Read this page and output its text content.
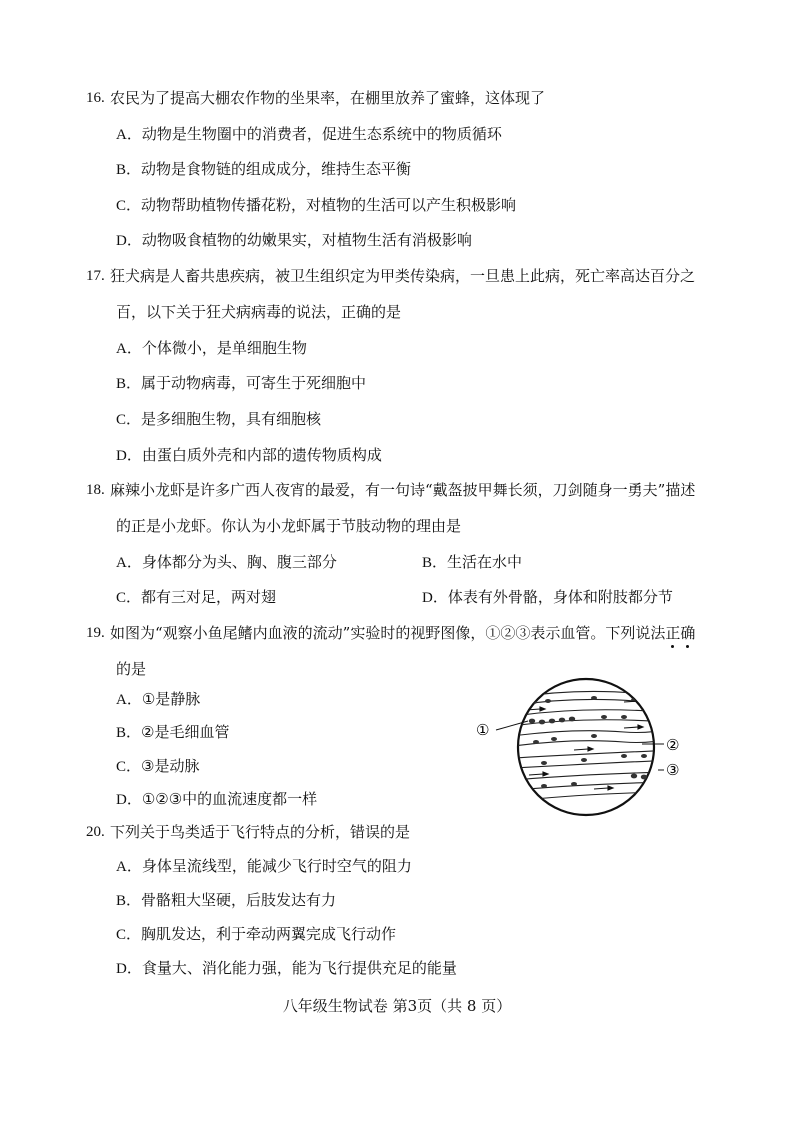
16. 农民为了提高大棚农作物的坐果率，在棚里放养了蜜蜂，这体现了
A．动物是生物圈中的消费者，促进生态系统中的物质循环
B．动物是食物链的组成成分，维持生态平衡
C．动物帮助植物传播花粉，对植物的生活可以产生积极影响
D．动物吸食植物的幼嫩果实，对植物生活有消极影响
17. 狂犬病是人畜共患疾病，被卫生组织定为甲类传染病，一旦患上此病，死亡率高达百分之
百，以下关于狂犬病病毒的说法，正确的是
A．个体微小，是单细胞生物
B．属于动物病毒，可寄生于死细胞中
C．是多细胞生物，具有细胞核
D．由蛋白质外壳和内部的遗传物质构成
18. 麻辣小龙虾是许多广西人夜宵的最爱，有一句诗“戴盔披甲舞长须，刀剑随身一勇夫”描述
的正是小龙虾。你认为小龙虾属于节肢动物的理由是
A．身体都分为头、胸、腹三部分	B．生活在水中
C．都有三对足，两对翅	D．体表有外骨骼，身体和附肢都分节
19. 如图为“观察小鱼尾鳍内血液的流动”实验时的视野图像，①②③表示血管。下列说法正确
的是
A．①是静脉
B．②是毛细血管
C．③是动脉
D．①②③中的血流速度都一样
①
②
③
20. 下列关于鸟类适于飞行特点的分析，错误的是
A．身体呈流线型，能减少飞行时空气的阻力
B．骨骼粗大坚硬，后肢发达有力
C．胸肌发达，利于牵动两翼完成飞行动作
D．食量大、消化能力强，能为飞行提供充足的能量
八年级生物试卷 第3页（共 8 页）
